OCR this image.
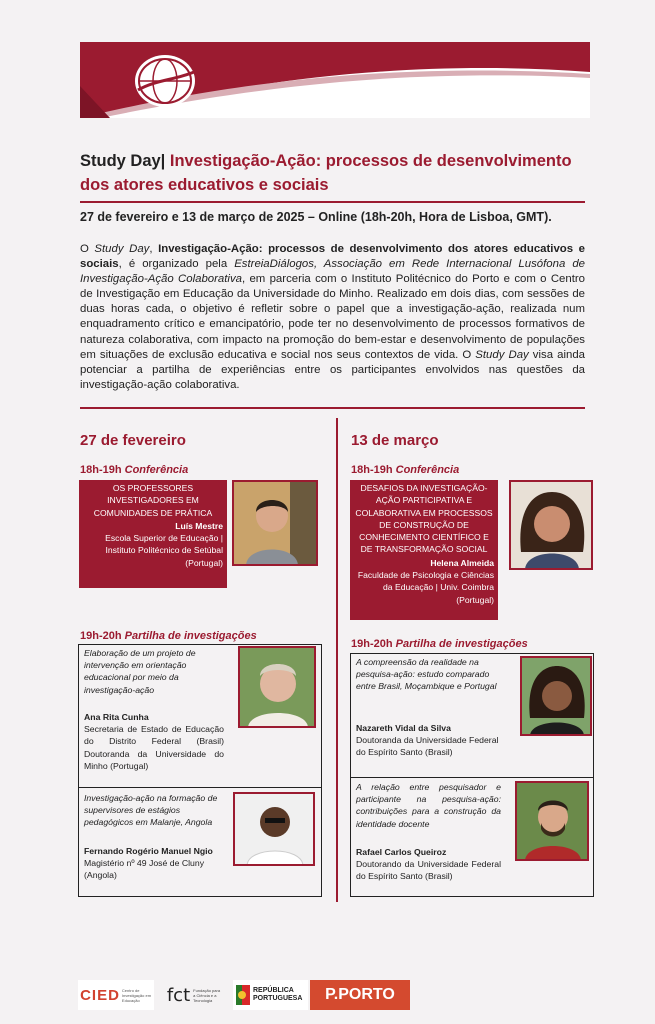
Study Day| Investigação-Ação: processos de desenvolvimento dos atores educativos e sociais
27 de fevereiro e 13 de março de 2025 – Online (18h-20h, Hora de Lisboa, GMT).

O Study Day, Investigação-Ação: processos de desenvolvimento dos atores educativos e sociais, é organizado pela EstreiaDiálogos, Associação em Rede Internacional Lusófona de Investigação-Ação Colaborativa, em parceria com o Instituto Politécnico do Porto e com o Centro de Investigação em Educação da Universidade do Minho. Realizado em dois dias, com sessões de duas horas cada, o objetivo é refletir sobre o papel que a investigação-ação, realizada num enquadramento crítico e emancipatório, pode ter no desenvolvimento de processos formativos de natureza colaborativa, com impacto na promoção do bem-estar e desenvolvimento de populações em situações de exclusão educativa e social nos seus contextos de vida. O Study Day visa ainda potenciar a partilha de experiências entre os participantes envolvidos nas questões da investigação-ação colaborativa.

27 de fevereiro	13 de março
18h-19h Conferência
OS PROFESSORES INVESTIGADORES EM COMUNIDADES DE PRÁTICA
Luís Mestre
Escola Superior de Educação | Instituto Politécnico de Setúbal (Portugal)
18h-19h Conferência
DESAFIOS DA INVESTIGAÇÃO-AÇÃO PARTICIPATIVA E COLABORATIVA EM PROCESSOS DE CONSTRUÇÃO DE CONHECIMENTO CIENTÍFICO E DE TRANSFORMAÇÃO SOCIAL
Helena Almeida
Faculdade de Psicologia e Ciências da Educação | Univ. Coimbra (Portugal)
19h-20h Partilha de investigações
Elaboração de um projeto de intervenção em orientação educacional por meio da investigação-ação
Ana Rita Cunha
Secretaria de Estado de Educação do Distrito Federal (Brasil) Doutoranda da Universidade do Minho (Portugal)
Investigação-ação na formação de supervisores de estágios pedagógicos em Malanje, Angola
Fernando Rogério Manuel Ngio
Magistério nº 49 José de Cluny (Angola)
19h-20h Partilha de investigações
A compreensão da realidade na pesquisa-ação: estudo comparado entre Brasil, Moçambique e Portugal
Nazareth Vidal da Silva
Doutoranda da Universidade Federal do Espírito Santo (Brasil)
A relação entre pesquisador e participante na pesquisa-ação: contribuições para a construção da identidade docente
Rafael Carlos Queiroz
Doutorando da Universidade Federal do Espírito Santo (Brasil)
CIED Centro de Investigação em Educação	fct Fundação para a Ciência e a Tecnologia
REPÚBLICA PORTUGUESA	P.PORTO
